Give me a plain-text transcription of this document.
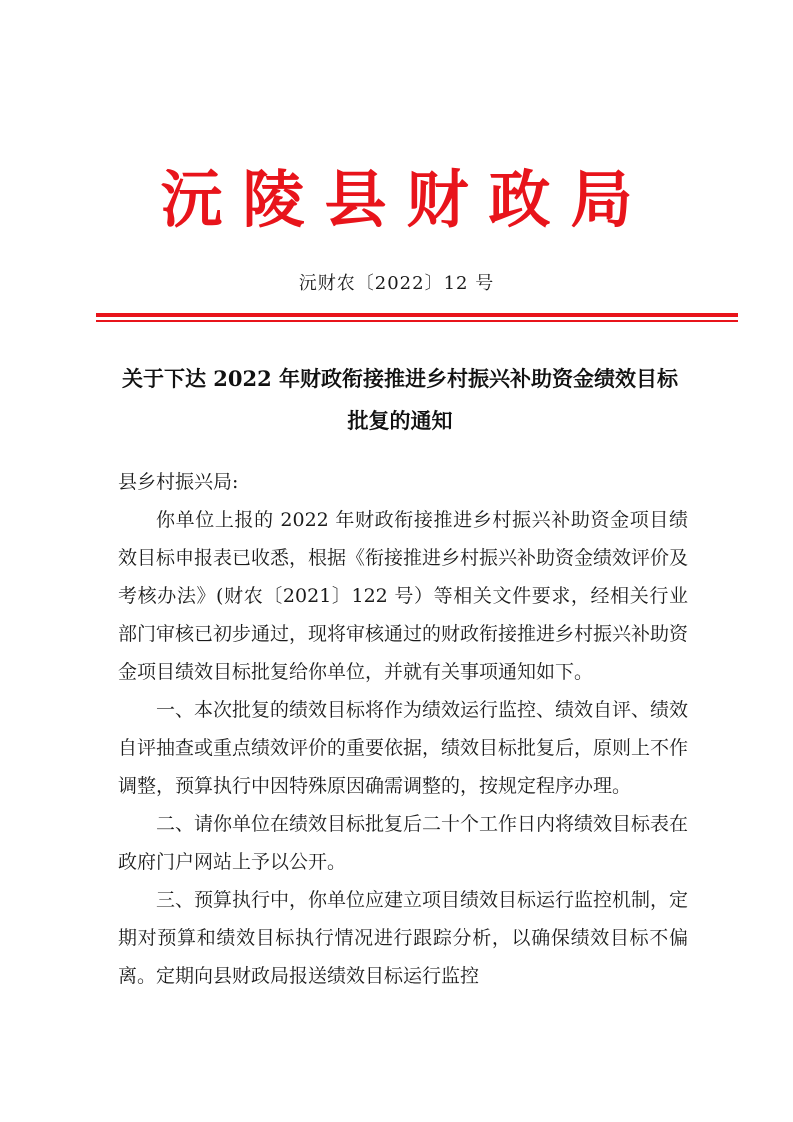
沅陵县财政局
沅财农〔2022〕12 号
关于下达 2022 年财政衔接推进乡村振兴补助资金绩效目标
批复的通知

县乡村振兴局:

你单位上报的 2022 年财政衔接推进乡村振兴补助资金项目绩效目标申报表已收悉，根据《衔接推进乡村振兴补助资金绩效评价及考核办法》(财农〔2021〕122 号）等相关文件要求，经相关行业部门审核已初步通过，现将审核通过的财政衔接推进乡村振兴补助资金项目绩效目标批复给你单位，并就有关事项通知如下。

一、本次批复的绩效目标将作为绩效运行监控、绩效自评、绩效自评抽查或重点绩效评价的重要依据，绩效目标批复后，原则上不作调整，预算执行中因特殊原因确需调整的，按规定程序办理。

二、请你单位在绩效目标批复后二十个工作日内将绩效目标表在政府门户网站上予以公开。

三、预算执行中，你单位应建立项目绩效目标运行监控机制，定期对预算和绩效目标执行情况进行跟踪分析，以确保绩效目标不偏离。定期向县财政局报送绩效目标运行监控
